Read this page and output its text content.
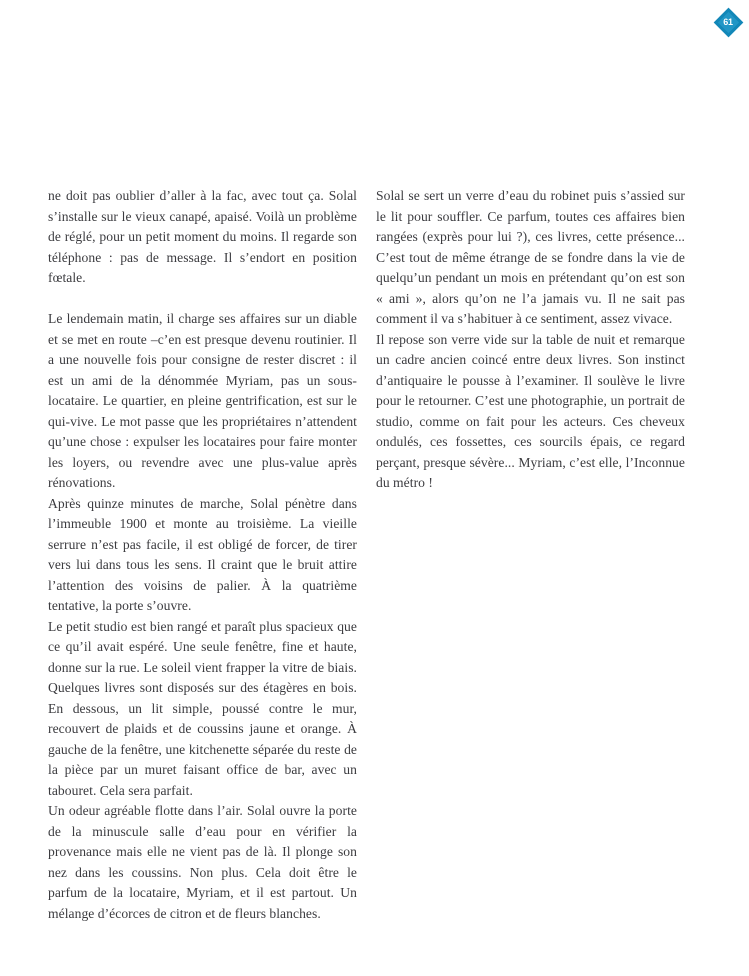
61

ne doit pas oublier d’aller à la fac, avec tout ça. Solal s’installe sur le vieux canapé, apaisé. Voilà un problème de réglé, pour un petit moment du moins. Il regarde son téléphone : pas de message. Il s’endort en position fœtale.

Le lendemain matin, il charge ses affaires sur un diable et se met en route –c’en est presque devenu routinier. Il a une nouvelle fois pour consigne de rester discret : il est un ami de la dénommée Myriam, pas un sous-locataire. Le quartier, en pleine gentrification, est sur le qui-vive. Le mot passe que les propriétaires n’attendent qu’une chose : expulser les locataires pour faire monter les loyers, ou revendre avec une plus-value après rénovations.

Après quinze minutes de marche, Solal pénètre dans l’immeuble 1900 et monte au troisième. La vieille serrure n’est pas facile, il est obligé de forcer, de tirer vers lui dans tous les sens. Il craint que le bruit attire l’attention des voisins de palier. À la quatrième tentative, la porte s’ouvre.

Le petit studio est bien rangé et paraît plus spacieux que ce qu’il avait espéré. Une seule fenêtre, fine et haute, donne sur la rue. Le soleil vient frapper la vitre de biais. Quelques livres sont disposés sur des étagères en bois. En dessous, un lit simple, poussé contre le mur, recouvert de plaids et de coussins jaune et orange. À gauche de la fenêtre, une kitchenette séparée du reste de la pièce par un muret faisant office de bar, avec un tabouret. Cela sera parfait.

Un odeur agréable flotte dans l’air. Solal ouvre la porte de la minuscule salle d’eau pour en vérifier la provenance mais elle ne vient pas de là. Il plonge son nez dans les coussins. Non plus. Cela doit être le parfum de la locataire, Myriam, et il est partout. Un mélange d’écorces de citron et de fleurs blanches.

Solal se sert un verre d’eau du robinet puis s’assied sur le lit pour souffler. Ce parfum, toutes ces affaires bien rangées (exprès pour lui ?), ces livres, cette présence... C’est tout de même étrange de se fondre dans la vie de quelqu’un pendant un mois en prétendant qu’on est son « ami », alors qu’on ne l’a jamais vu. Il ne sait pas comment il va s’habituer à ce sentiment, assez vivace.

Il repose son verre vide sur la table de nuit et remarque un cadre ancien coincé entre deux livres. Son instinct d’antiquaire le pousse à l’examiner. Il soulève le livre pour le retourner. C’est une photographie, un portrait de studio, comme on fait pour les acteurs. Ces cheveux ondulés, ces fossettes, ces sourcils épais, ce regard perçant, presque sévère... Myriam, c’est elle, l’Inconnue du métro !
